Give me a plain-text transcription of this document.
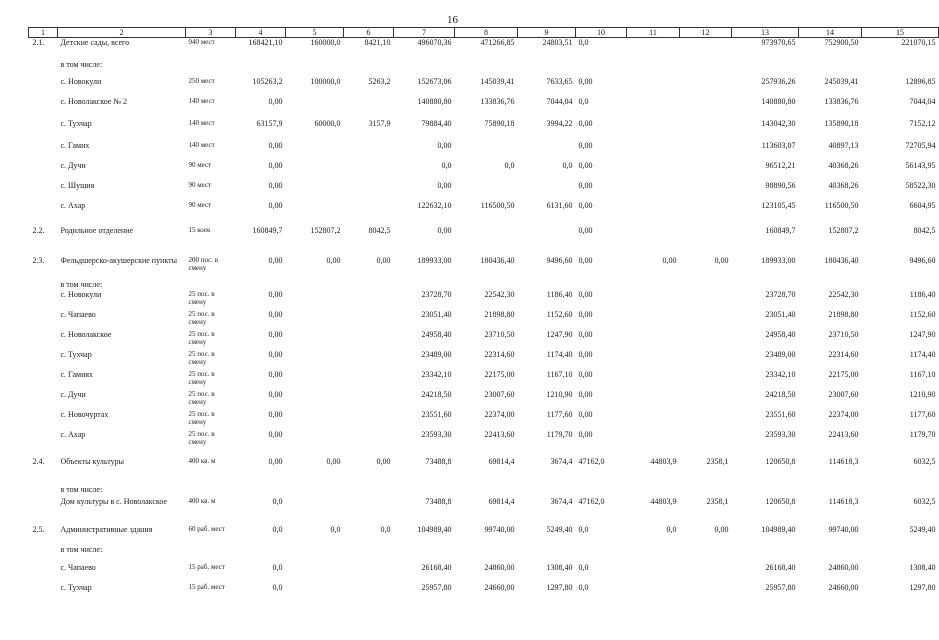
16
1	2	3	4	5	6	7	8	9	10	11	12	13	14	15
2.1.	Детские сады, всего	940 мест	168421,10	160000,0	8421,10	496070,36	471266,85	24803,51	0,0			973970,65	752900,50	221070,15
	в том числе:													
	с. Новокули	250 мест	105263,2	100000,0	5263,2	152673,06	145039,41	7633,65	0,00			257936,26	245039,41	12896,85
	с. Новолакское № 2	140 мест	0,00			140880,80	133836,76	7044,04	0,0			140880,80	133836,76	7044,04
	с. Тухчар	140 мест	63157,9	60000,0	3157,9	79884,40	75890,18	3994,22	0,00			143042,30	135890,18	7152,12
	с. Гамих	140 мест	0,00			0,00			0,00			113603,07	40897,13	72705,94
	с. Дучи	90 мест	0,00			0,0	0,0	0,0	0,00			96512,21	40368,26	56143,95
	с. Шушия	90 мест	0,00			0,00			0,00			98890,56	40368,26	58522,30
	с. Ахар	90 мест	0,00			122632,10	116500,50	6131,60	0,00			123105,45	116500,50	6604,95
2.2.	Родильное отделение	15 коек	160849,7	152807,2	8042,5	0,00			0,00			160849,7	152807,2	8042,5
2.3.	Фельдшерско-акушерские пункты	200 пос. в смену	0,00	0,00	0,00	189933,00	180436,40	9496,60	0,00	0,00	0,00	189933,00	180436,40	9496,60
	в том числе:													
	с. Новокули	25 пос. в смену	0,00			23728,70	22542,30	1186,40	0,00			23728,70	22542,30	1186,40
	с. Чапаево	25 пос. в смену	0,00			23051,40	21898,80	1152,60	0,00			23051,40	21898,80	1152,60
	с. Новолакское	25 пос. в смену	0,00			24958,40	23710,50	1247,90	0,00			24958,40	23710,50	1247,90
	с. Тухчар	25 пос. в смену	0,00			23489,00	22314,60	1174,40	0,00			23489,00	22314,60	1174,40
	с. Гамиях	25 пос. в смену	0,00			23342,10	22175,00	1167,10	0,00			23342,10	22175,00	1167,10
	с. Дучи	25 пос. в смену	0,00			24218,50	23007,60	1210,90	0,00			24218,50	23007,60	1210,90
	с. Новочуртах	25 пос. в смену	0,00			23551,60	22374,00	1177,60	0,00			23551,60	22374,00	1177,60
	с. Ахар	25 пос. в смену	0,00			23593,30	22413,60	1179,70	0,00			23593,30	22413,60	1179,70
2.4.	Объекты культуры	400 кв. м	0,00	0,00	0,00	73488,8	69814,4	3674,4	47162,0	44803,9	2358,1	120650,8	114618,3	6032,5
	в том числе:													
	Дом культуры в с. Новолакское	400 кв. м	0,0			73488,8	69814,4	3674,4	47162,0	44803,9	2358,1	120650,8	114618,3	6032,5
2.5.	Административные здания	60 раб. мест	0,0	0,0	0,0	104989,40	99740,00	5249,40	0,0	0,0	0,00	104989,40	99740,00	5249,40
	в том числе:													
	с. Чапаево	15 раб. мест	0,0			26168,40	24860,00	1308,40	0,0			26168,40	24860,00	1308,40
	с. Тухчар	15 раб. мест	0,0			25957,80	24660,00	1297,80	0,0			25957,80	24660,00	1297,80
